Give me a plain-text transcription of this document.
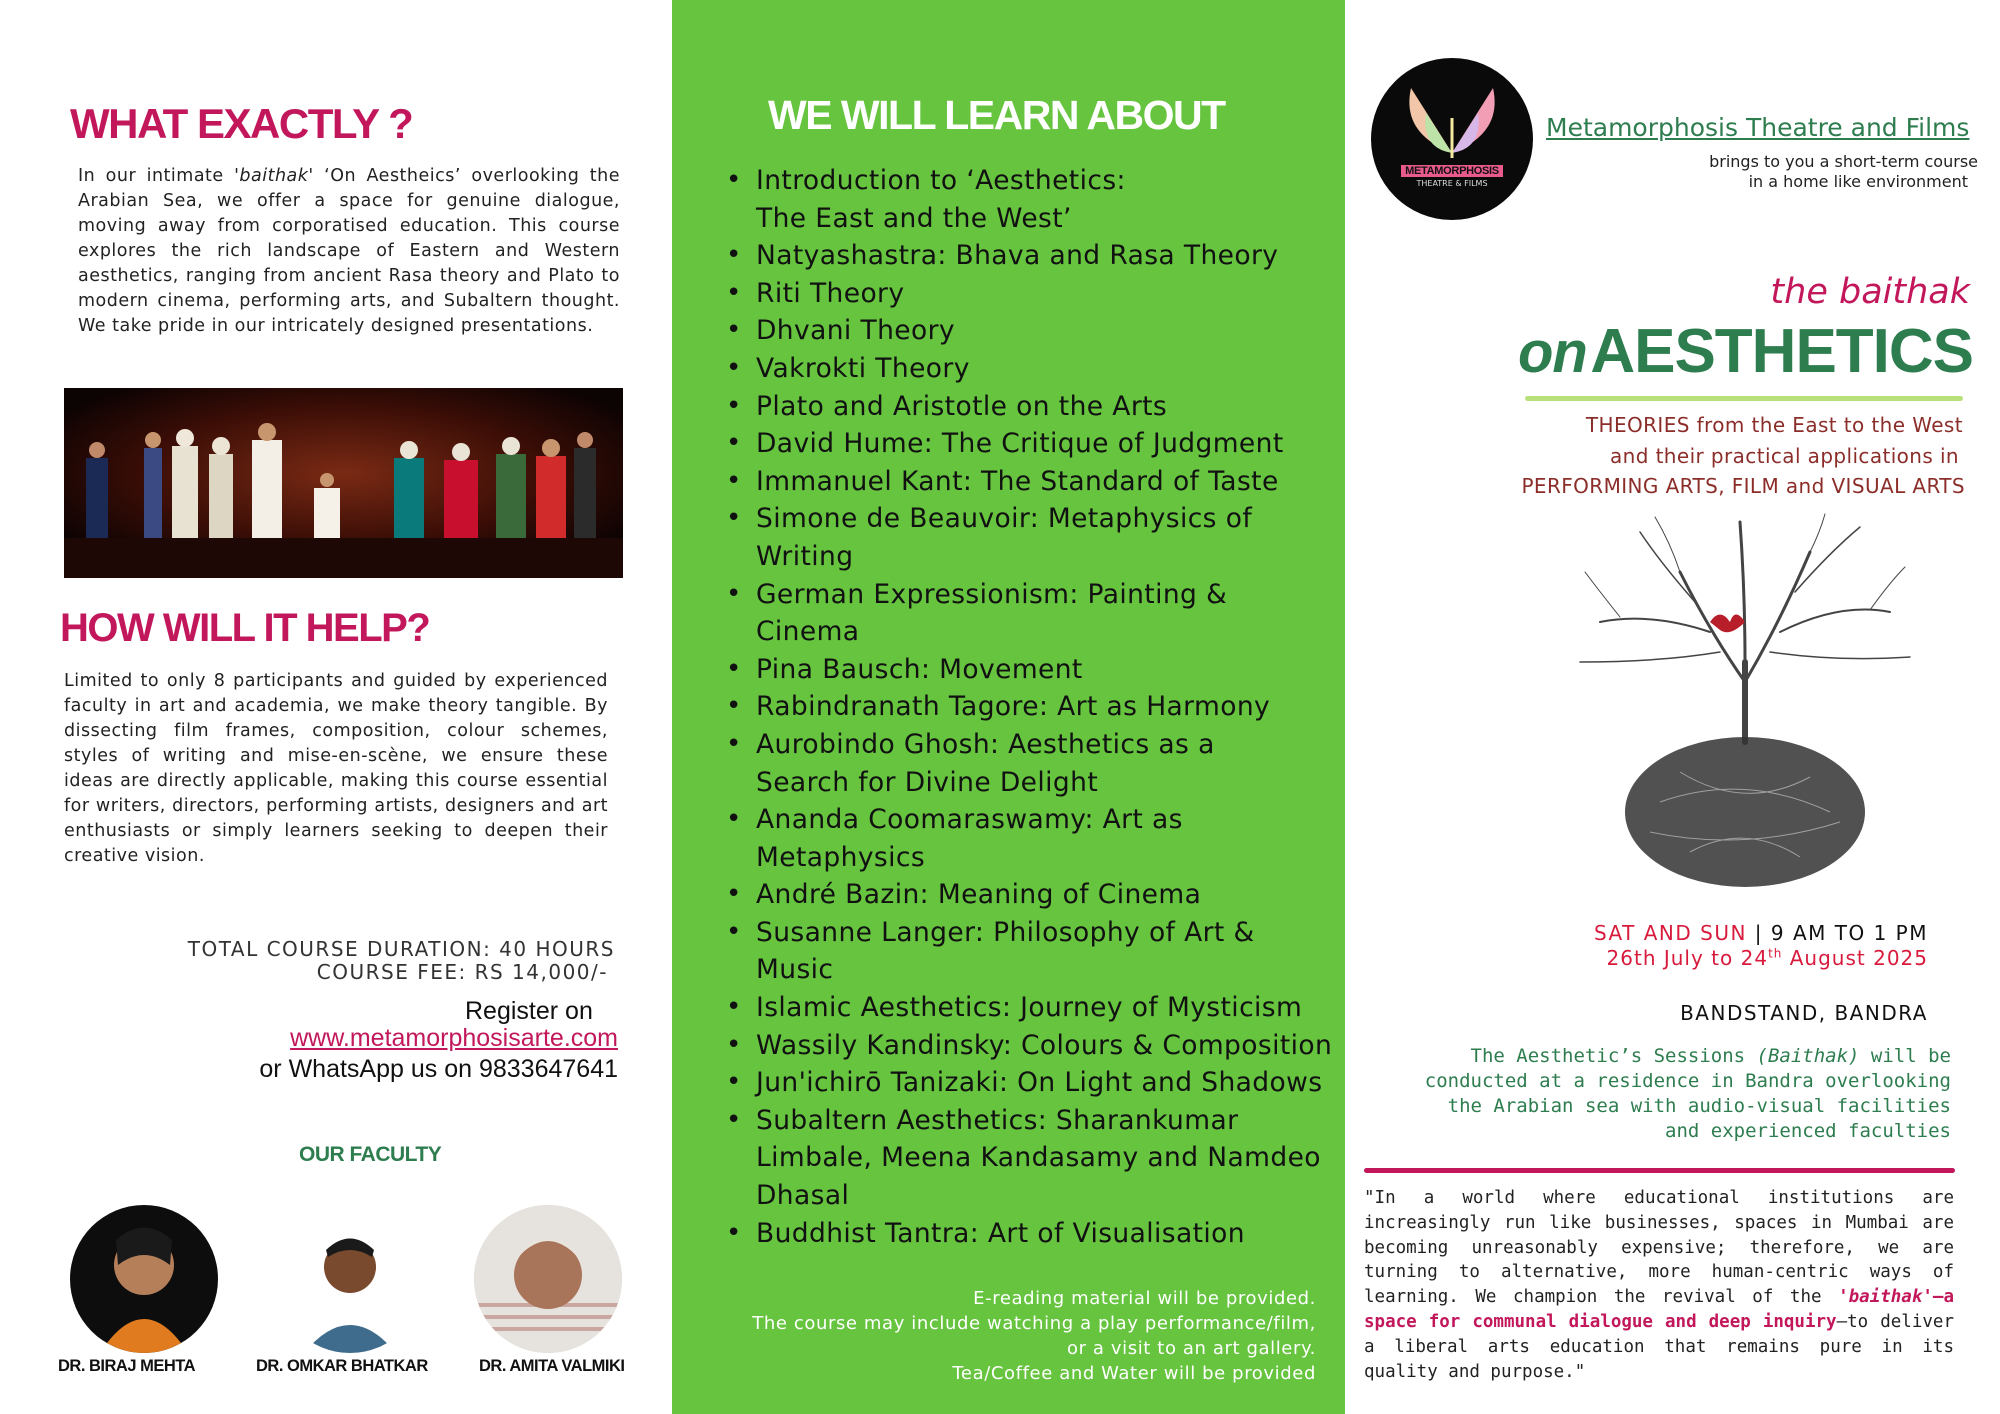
WHAT EXACTLY ?
In our intimate 'baithak' ‘On Aestheics’ overlooking the Arabian Sea, we offer a space for genuine dialogue, moving away from corporatised education. This course explores the rich landscape of Eastern and Western aesthetics, ranging from ancient Rasa theory and Plato to modern cinema, performing arts, and Subaltern thought. We take pride in our intricately designed presentations.
HOW WILL IT HELP?
Limited to only 8 participants and guided by experienced faculty in art and academia, we make theory tangible. By dissecting film frames, composition, colour schemes, styles of writing and mise-en-scène, we ensure these ideas are directly applicable, making this course essential for writers, directors, performing artists, designers and art enthusiasts or simply learners seeking to deepen their creative vision.
TOTAL COURSE DURATION: 40 HOURS
COURSE FEE: RS 14,000/-
Register on
www.metamorphosisarte.com
or WhatsApp us on 9833647641
OUR FACULTY
DR. BIRAJ MEHTA	DR. OMKAR BHATKAR	DR. AMITA VALMIKI
WE WILL LEARN ABOUT
• Introduction to ‘Aesthetics: The East and the West’
• Natyashastra: Bhava and Rasa Theory
• Riti Theory
• Dhvani Theory
• Vakrokti Theory
• Plato and Aristotle on the Arts
• David Hume: The Critique of Judgment
• Immanuel Kant: The Standard of Taste
• Simone de Beauvoir: Metaphysics of Writing
• German Expressionism: Painting & Cinema
• Pina Bausch: Movement
• Rabindranath Tagore: Art as Harmony
• Aurobindo Ghosh: Aesthetics as a Search for Divine Delight
• Ananda Coomaraswamy: Art as Metaphysics
• André Bazin: Meaning of Cinema
• Susanne Langer: Philosophy of Art & Music
• Islamic Aesthetics: Journey of Mysticism
• Wassily Kandinsky: Colours & Composition
• Jun'ichirō Tanizaki: On Light and Shadows
• Subaltern Aesthetics: Sharankumar Limbale, Meena Kandasamy and Namdeo Dhasal
• Buddhist Tantra: Art of Visualisation
E-reading material will be provided.
The course may include watching a play performance/film,
or a visit to an art gallery.
Tea/Coffee and Water will be provided
METAMORPHOSIS
THEATRE & FILMS
Metamorphosis Theatre and Films
brings to you a short-term course
in a home like environment
the baithak
on AESTHETICS
THEORIES from the East to the West
and their practical applications in
PERFORMING ARTS, FILM and VISUAL ARTS
SAT AND SUN | 9 AM TO 1 PM
26th July to 24th August 2025
BANDSTAND, BANDRA
The Aesthetic’s Sessions (Baithak) will be conducted at a residence in Bandra overlooking the Arabian sea with audio-visual facilities and experienced faculties
"In a world where educational institutions are increasingly run like businesses, spaces in Mumbai are becoming unreasonably expensive; therefore, we are turning to alternative, more human-centric ways of learning. We champion the revival of the 'baithak'—a space for communal dialogue and deep inquiry—to deliver a liberal arts education that remains pure in its quality and purpose."
